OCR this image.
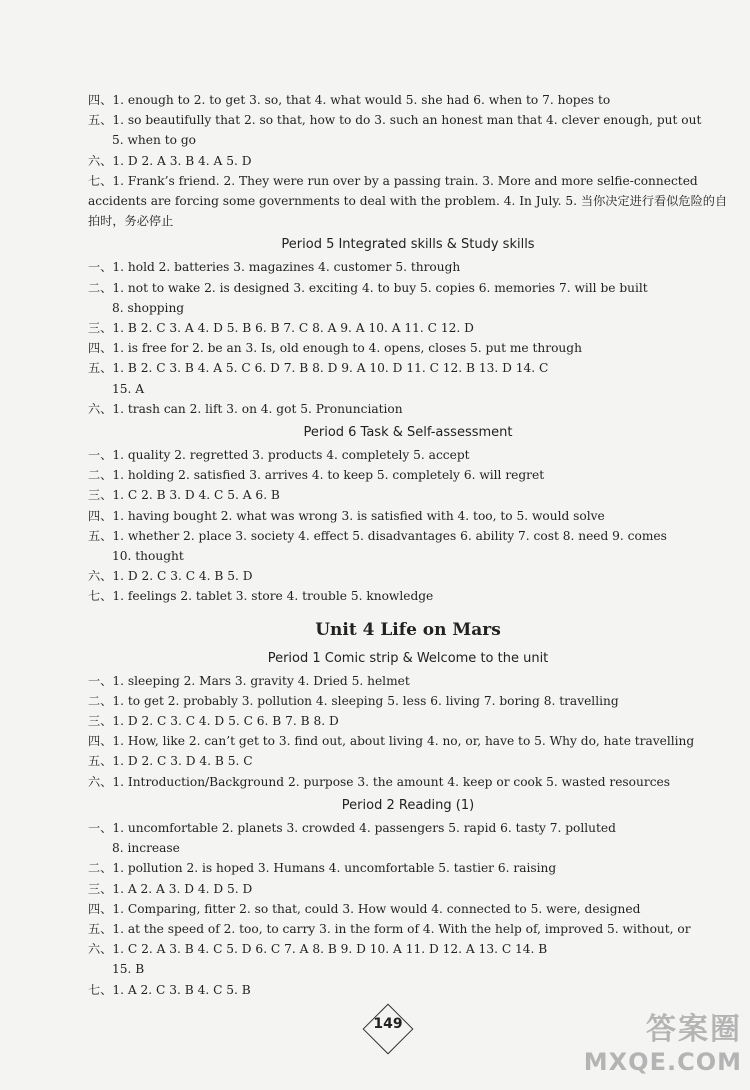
四、1. enough to 2. to get 3. so, that 4. what would 5. she had 6. when to 7. hopes to
五、1. so beautifully that 2. so that, how to do 3. such an honest man that 4. clever enough, put out
5. when to go
六、1. D 2. A 3. B 4. A 5. D
七、1. Frank’s friend. 2. They were run over by a passing train. 3. More and more selfie-connected accidents are forcing some governments to deal with the problem. 4. In July. 5. 当你决定进行看似危险的自拍时，务必停止
Period 5 Integrated skills & Study skills
一、1. hold 2. batteries 3. magazines 4. customer 5. through
二、1. not to wake 2. is designed 3. exciting 4. to buy 5. copies 6. memories 7. will be built
8. shopping
三、1. B 2. C 3. A 4. D 5. B 6. B 7. C 8. A 9. A 10. A 11. C 12. D
四、1. is free for 2. be an 3. Is, old enough to 4. opens, closes 5. put me through
五、1. B 2. C 3. B 4. A 5. C 6. D 7. B 8. D 9. A 10. D 11. C 12. B 13. D 14. C
15. A
六、1. trash can 2. lift 3. on 4. got 5. Pronunciation
Period 6 Task & Self-assessment
一、1. quality 2. regretted 3. products 4. completely 5. accept
二、1. holding 2. satisfied 3. arrives 4. to keep 5. completely 6. will regret
三、1. C 2. B 3. D 4. C 5. A 6. B
四、1. having bought 2. what was wrong 3. is satisfied with 4. too, to 5. would solve
五、1. whether 2. place 3. society 4. effect 5. disadvantages 6. ability 7. cost 8. need 9. comes
10. thought
六、1. D 2. C 3. C 4. B 5. D
七、1. feelings 2. tablet 3. store 4. trouble 5. knowledge
Unit 4 Life on Mars
Period 1 Comic strip & Welcome to the unit
一、1. sleeping 2. Mars 3. gravity 4. Dried 5. helmet
二、1. to get 2. probably 3. pollution 4. sleeping 5. less 6. living 7. boring 8. travelling
三、1. D 2. C 3. C 4. D 5. C 6. B 7. B 8. D
四、1. How, like 2. can’t get to 3. find out, about living 4. no, or, have to 5. Why do, hate travelling
五、1. D 2. C 3. D 4. B 5. C
六、1. Introduction/Background 2. purpose 3. the amount 4. keep or cook 5. wasted resources
Period 2 Reading (1)
一、1. uncomfortable 2. planets 3. crowded 4. passengers 5. rapid 6. tasty 7. polluted
8. increase
二、1. pollution 2. is hoped 3. Humans 4. uncomfortable 5. tastier 6. raising
三、1. A 2. A 3. D 4. D 5. D
四、1. Comparing, fitter 2. so that, could 3. How would 4. connected to 5. were, designed
五、1. at the speed of 2. too, to carry 3. in the form of 4. With the help of, improved 5. without, or
六、1. C 2. A 3. B 4. C 5. D 6. C 7. A 8. B 9. D 10. A 11. D 12. A 13. C 14. B
15. B
七、1. A 2. C 3. B 4. C 5. B
149	答案圈
MXQE.COM
